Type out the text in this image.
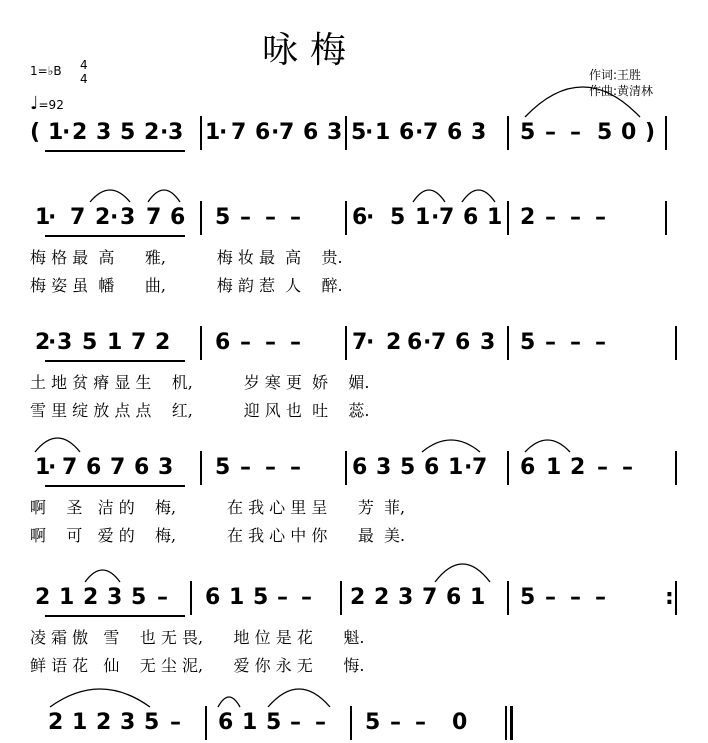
咏梅
作词:王胜
作曲:黄清林
1=♭B 4
4
♩=92
( 1
· 2 3 5 2 · 3 1
· 7 6 · 7 6 3 5
· 1 6 · 7 6 3 5 – – 5 0 )
1
· 7 2 · 3 7 6 5 – – – 6
· 5 1 · 7 6 1 2 – – –
梅 格 最  高      雅,          梅 妆 最  高    贵.
梅 姿 虽  幡      曲,          梅 韵 惹  人    醉.
2
· 3 5 1 7 2 6 – – – 7
· 2 6 · 7 6 3 5 – – –
土 地 贫 瘠 显 生    机,          岁 寒 更  娇    媚.
雪 里 绽 放 点 点    红,          迎 风 也  吐    蕊.
1
· 7 6 7 6 3 5 – – – 6 3 5 6 1 · 7 6 1 2 – –
啊    圣   洁 的    梅,          在 我 心 里 呈      芳  菲,
啊    可   爱 的    梅,          在 我 心 中 你      最  美.
2 1 2 3 5 – 6 1 5 – – 2 2 3 7 6 1 5 – – –	:
凌 霜 傲   雪    也 无 畏,      地 位 是 花      魁.
鲜 语 花   仙    无 尘 泥,      爱 你 永 无      悔.
2 1 2 3 5 – 6 1 5 – – 5 – – 0
